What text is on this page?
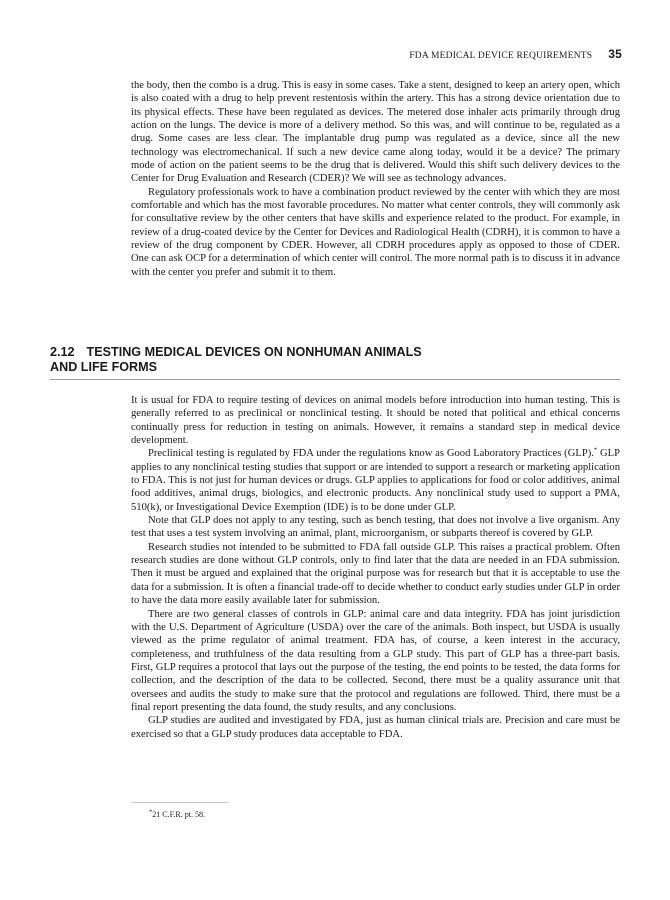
FDA MEDICAL DEVICE REQUIREMENTS 35

the body, then the combo is a drug. This is easy in some cases. Take a stent, designed to keep an artery open, which is also coated with a drug to help prevent restentosis within the artery. This has a strong device orientation due to its physical effects. These have been regulated as devices. The metered dose inhaler acts primarily through drug action on the lungs. The device is more of a delivery method. So this was, and will continue to be, regulated as a drug. Some cases are less clear. The implantable drug pump was regulated as a device, since all the new technology was electromechanical. If such a new device came along today, would it be a device? The primary mode of action on the patient seems to be the drug that is delivered. Would this shift such delivery devices to the Center for Drug Evaluation and Research (CDER)? We will see as technology advances.

Regulatory professionals work to have a combination product reviewed by the center with which they are most comfortable and which has the most favorable procedures. No matter what center controls, they will commonly ask for consultative review by the other centers that have skills and experience related to the product. For example, in review of a drug-coated device by the Center for Devices and Radiological Health (CDRH), it is common to have a review of the drug component by CDER. However, all CDRH procedures apply as opposed to those of CDER. One can ask OCP for a determination of which center will control. The more normal path is to discuss it in advance with the center you prefer and submit it to them.

2.12 TESTING MEDICAL DEVICES ON NONHUMAN ANIMALS
AND LIFE FORMS

It is usual for FDA to require testing of devices on animal models before introduction into human testing. This is generally referred to as preclinical or nonclinical testing. It should be noted that political and ethical concerns continually press for reduction in testing on animals. However, it remains a standard step in medical device development.

Preclinical testing is regulated by FDA under the regulations know as Good Laboratory Practices (GLP).* GLP applies to any nonclinical testing studies that support or are intended to support a research or marketing application to FDA. This is not just for human devices or drugs. GLP applies to applications for food or color additives, animal food additives, animal drugs, biologics, and electronic products. Any nonclinical study used to support a PMA, 510(k), or Investigational Device Exemption (IDE) is to be done under GLP.

Note that GLP does not apply to any testing, such as bench testing, that does not involve a live organism. Any test that uses a test system involving an animal, plant, microorganism, or subparts thereof is covered by GLP.

Research studies not intended to be submitted to FDA fall outside GLP. This raises a practical problem. Often research studies are done without GLP controls, only to find later that the data are needed in an FDA submission. Then it must be argued and explained that the original purpose was for research but that it is acceptable to use the data for a submission. It is often a financial trade-off to decide whether to conduct early studies under GLP in order to have the data more easily available later for submission.

There are two general classes of controls in GLP: animal care and data integrity. FDA has joint jurisdiction with the U.S. Department of Agriculture (USDA) over the care of the animals. Both inspect, but USDA is usually viewed as the prime regulator of animal treatment. FDA has, of course, a keen interest in the accuracy, completeness, and truthfulness of the data resulting from a GLP study. This part of GLP has a three-part basis. First, GLP requires a protocol that lays out the purpose of the testing, the end points to be tested, the data forms for collection, and the description of the data to be collected. Second, there must be a quality assurance unit that oversees and audits the study to make sure that the protocol and regulations are followed. Third, there must be a final report presenting the data found, the study results, and any conclusions.

GLP studies are audited and investigated by FDA, just as human clinical trials are. Precision and care must be exercised so that a GLP study produces data acceptable to FDA.

*21 C.F.R. pt. 58.
